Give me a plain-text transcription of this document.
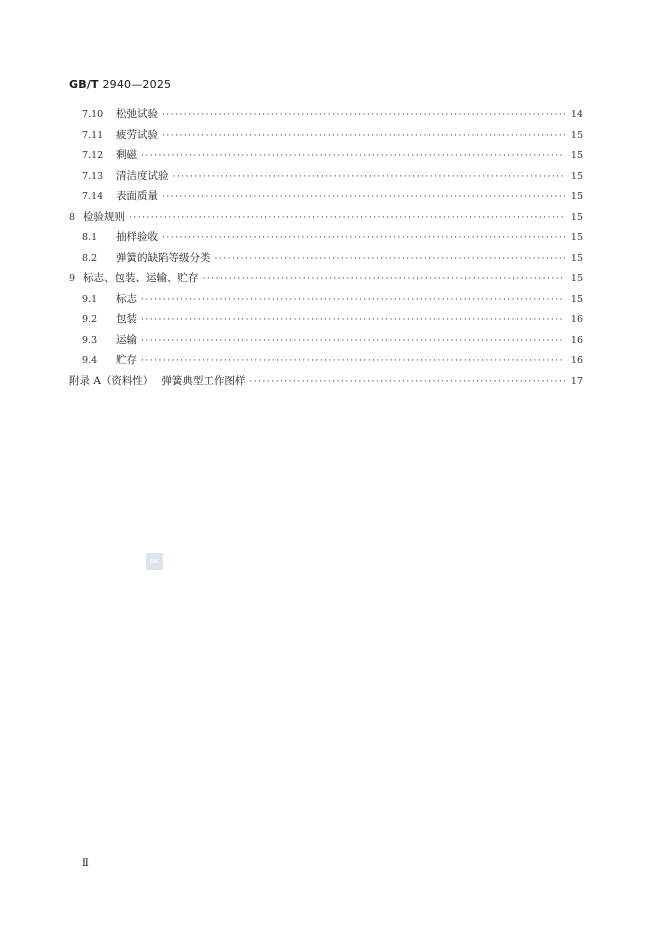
GB/T 2940—2025
7.10	松弛试验 ·····	14
7.11	疲劳试验 ·····	15
7.12	剩磁 ·····	15
7.13	清洁度试验 ·····	15
7.14	表面质量 ·····	15
8 检验规则 ·····	15
8.1	抽样验收 ·····	15
8.2	弹簧的缺陷等级分类 ·····	15
9 标志、包装、运输、贮存 ·····	15
9.1	标志 ·····	15
9.2	包装 ·····	16
9.3	运输 ·····	16
9.4	贮存 ·····	16
附录 A（资料性） 弹簧典型工作图样 ·····	17
SAC
Ⅱ
